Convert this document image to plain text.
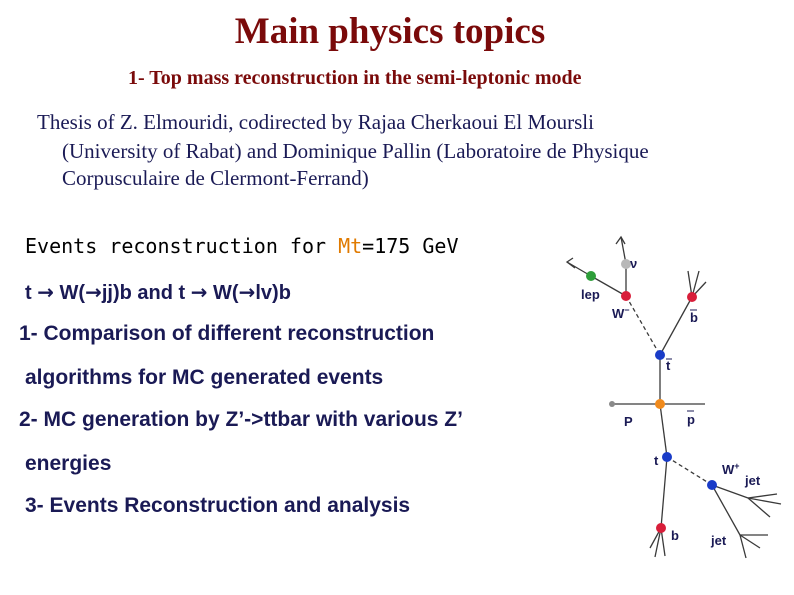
Main physics topics
1- Top mass reconstruction in the semi-leptonic mode
Thesis of Z. Elmouridi, codirected by Rajaa Cherkaoui El Moursli
(University of Rabat) and Dominique Pallin (Laboratoire de Physique
Corpusculaire de Clermont-Ferrand)
Events reconstruction for Mt=175 GeV
t → W(→jj)b and t → W(→lv)b
1- Comparison of different reconstruction
algorithms for MC generated events
2- MC generation by Z’->ttbar with various Z’
energies
3- Events Reconstruction and analysis
ν
lep
W−	b
t
P	p
t
W+
jet
jet
b
